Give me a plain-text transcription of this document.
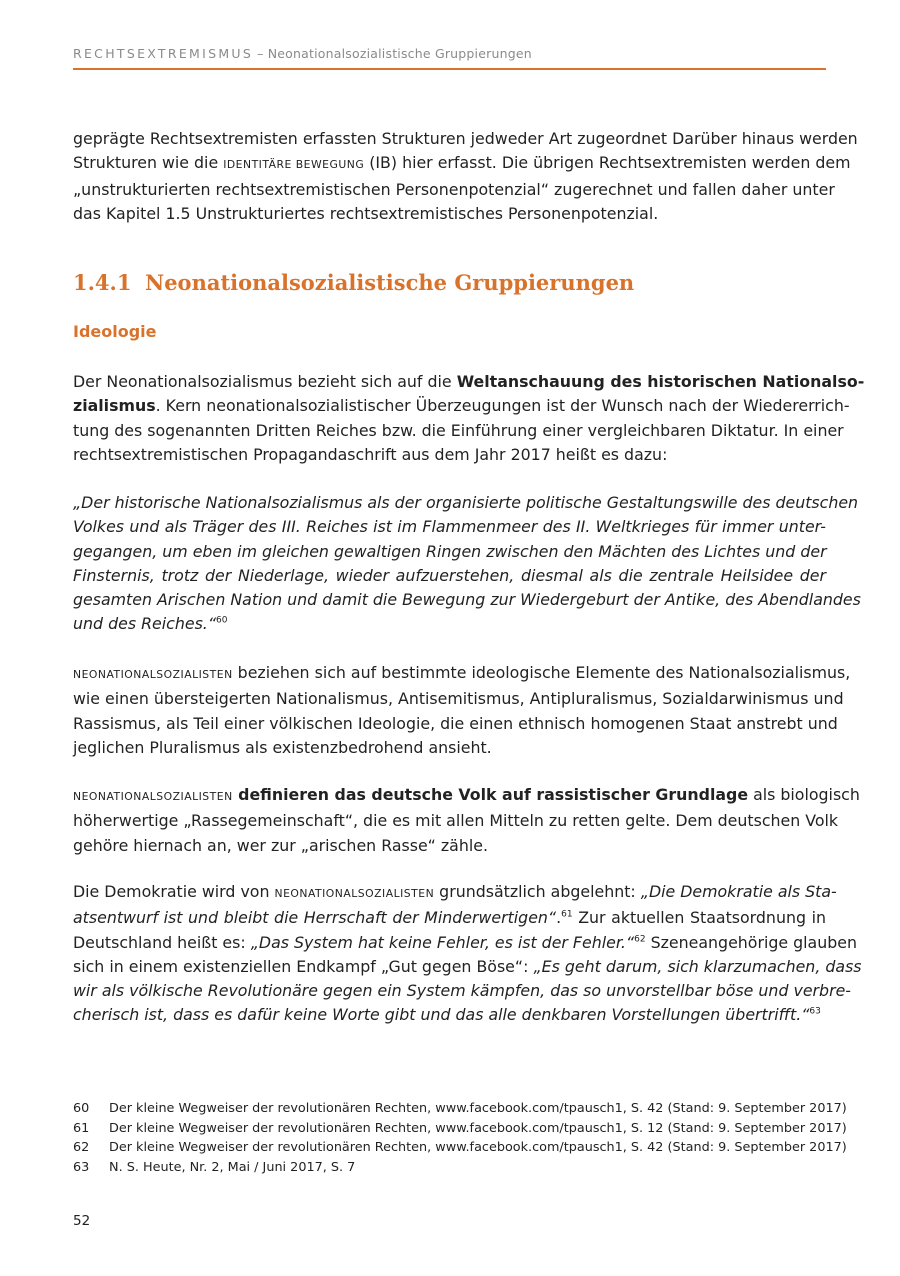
RECHTSEXTREMISMUS – Neonationalsozialistische Gruppierungen
geprägte Rechtsextremisten erfassten Strukturen jedweder Art zugeordnet Darüber hinaus werden
Strukturen wie die IDENTITÄRE BEWEGUNG (IB) hier erfasst. Die übrigen Rechtsextremisten werden dem
„unstrukturierten rechtsextremistischen Personenpotenzial“ zugerechnet und fallen daher unter
das Kapitel 1.5 Unstrukturiertes rechtsextremistisches Personenpotenzial.
1.4.1 Neonationalsozialistische Gruppierungen
Ideologie
Der Neonationalsozialismus bezieht sich auf die Weltanschauung des historischen Nationalso-
zialismus. Kern neonationalsozialistischer Überzeugungen ist der Wunsch nach der Wiedererrich-
tung des sogenannten Dritten Reiches bzw. die Einführung einer vergleichbaren Diktatur. In einer
rechtsextremistischen Propagandaschrift aus dem Jahr 2017 heißt es dazu:
„Der historische Nationalsozialismus als der organisierte politische Gestaltungswille des deutschen
Volkes und als Träger des III. Reiches ist im Flammenmeer des II. Weltkrieges für immer unter-
gegangen, um eben im gleichen gewaltigen Ringen zwischen den Mächten des Lichtes und der
Finsternis, trotz der Niederlage, wieder aufzuerstehen, diesmal als die zentrale Heilsidee der
gesamten Arischen Nation und damit die Bewegung zur Wiedergeburt der Antike, des Abendlandes
und des Reiches.“$^{60}$
NEONATIONALSOZIALISTEN beziehen sich auf bestimmte ideologische Elemente des Nationalsozialismus,
wie einen übersteigerten Nationalismus, Antisemitismus, Antipluralismus, Sozialdarwinismus und
Rassismus, als Teil einer völkischen Ideologie, die einen ethnisch homogenen Staat anstrebt und
jeglichen Pluralismus als existenzbedrohend ansieht.
NEONATIONALSOZIALISTEN definieren das deutsche Volk auf rassistischer Grundlage als biologisch
höherwertige „Rassegemeinschaft“, die es mit allen Mitteln zu retten gelte. Dem deutschen Volk
gehöre hiernach an, wer zur „arischen Rasse“ zähle.
Die Demokratie wird von NEONATIONALSOZIALISTEN grundsätzlich abgelehnt: „Die Demokratie als Sta-
atsentwurf ist und bleibt die Herrschaft der Minderwertigen“.$^{61}$ Zur aktuellen Staatsordnung in
Deutschland heißt es: „Das System hat keine Fehler, es ist der Fehler.“$^{62}$ Szeneangehörige glauben
sich in einem existenziellen Endkampf „Gut gegen Böse“: „Es geht darum, sich klarzumachen, dass
wir als völkische Revolutionäre gegen ein System kämpfen, das so unvorstellbar böse und verbre-
cherisch ist, dass es dafür keine Worte gibt und das alle denkbaren Vorstellungen übertrifft.“$^{63}$
60	Der kleine Wegweiser der revolutionären Rechten, www.facebook.com/tpausch1, S. 42 (Stand: 9. September 2017)
61	Der kleine Wegweiser der revolutionären Rechten, www.facebook.com/tpausch1, S. 12 (Stand: 9. September 2017)
62	Der kleine Wegweiser der revolutionären Rechten, www.facebook.com/tpausch1, S. 42 (Stand: 9. September 2017)
63	N. S. Heute, Nr. 2, Mai / Juni 2017, S. 7
52
